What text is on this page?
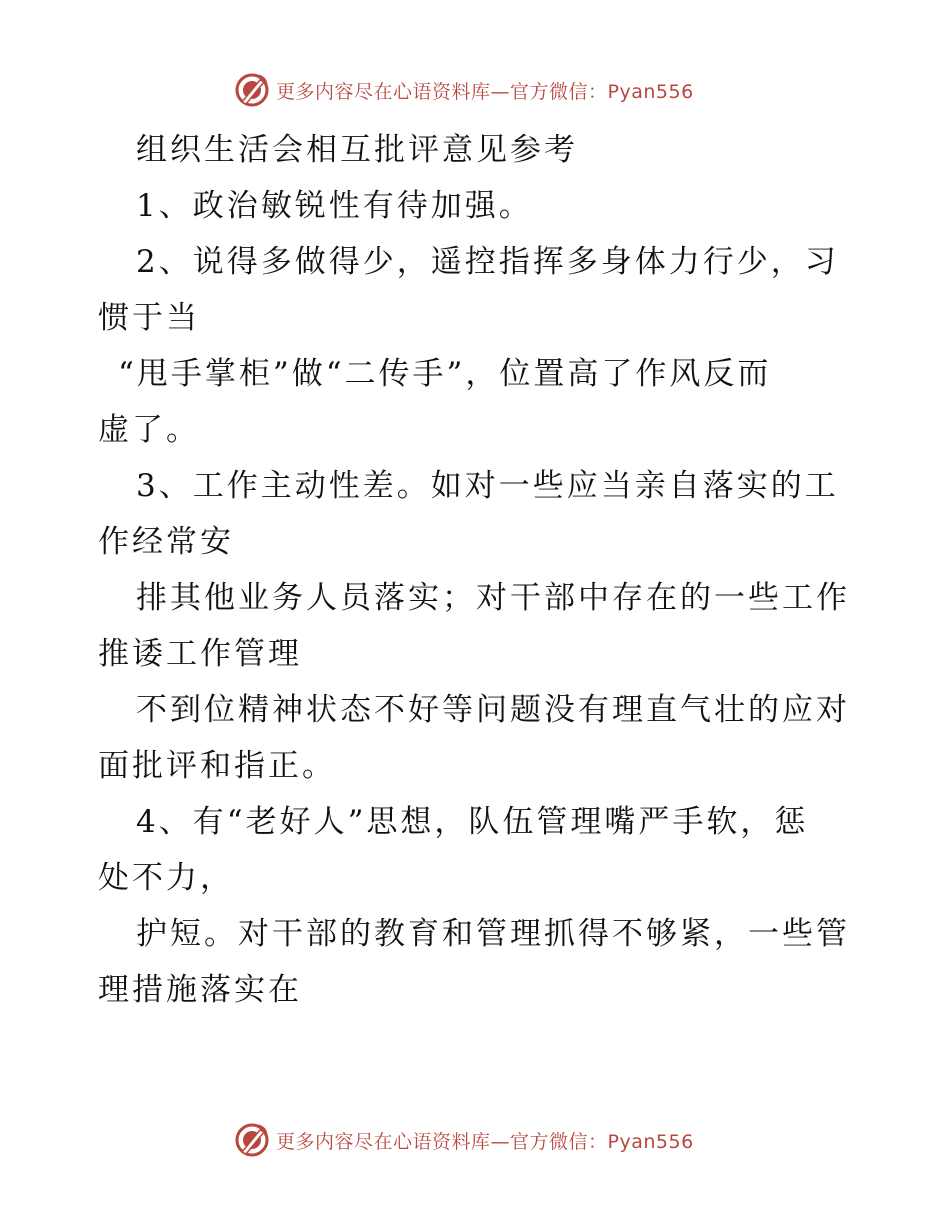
更多内容尽在心语资料库—官方微信：Pyan556
组织生活会相互批评意见参考
1、政治敏锐性有待加强。
2、说得多做得少，遥控指挥多身体力行少，习
惯于当
“甩手掌柜”做“二传手”，位置高了作风反而
虚了。
3、工作主动性差。如对一些应当亲自落实的工
作经常安
排其他业务人员落实；对干部中存在的一些工作
推诿工作管理
不到位精神状态不好等问题没有理直气壮的应对
面批评和指正。
4、有“老好人”思想，队伍管理嘴严手软，惩
处不力，
护短。对干部的教育和管理抓得不够紧，一些管
理措施落实在
更多内容尽在心语资料库—官方微信：Pyan556
